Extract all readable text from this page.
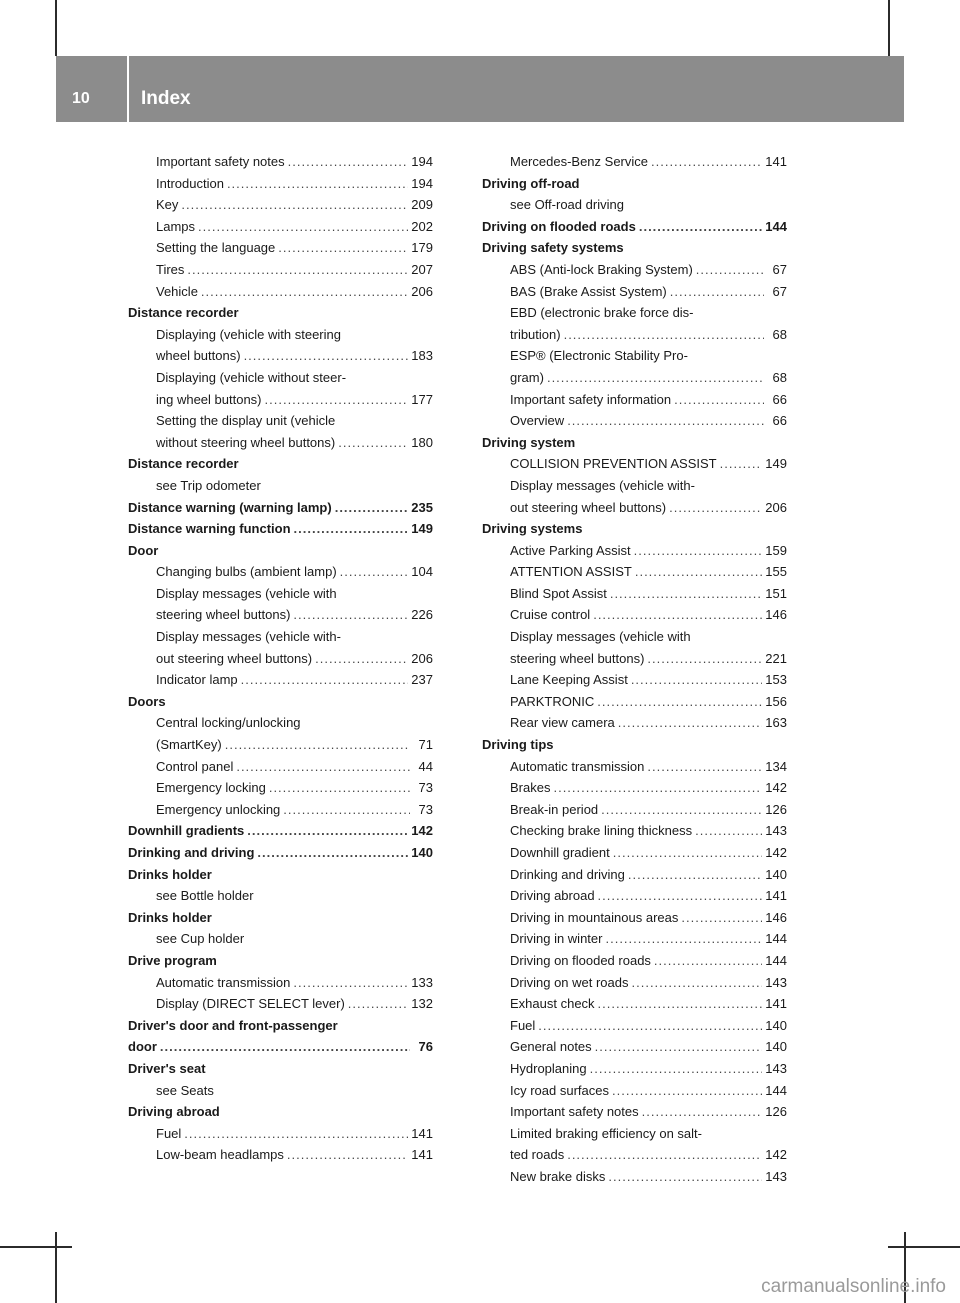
10	Index
Important safety notes .....	194
Introduction .....	194
Key .....	209
Lamps .....	202
Setting the language .....	179
Tires .....	207
Vehicle .....	206
Distance recorder
Displaying (vehicle with steering
wheel buttons) .....	183
Displaying (vehicle without steer-
ing wheel buttons) .....	177
Setting the display unit (vehicle
without steering wheel buttons) .....	180
Distance recorder
see Trip odometer
Distance warning (warning lamp) .....	235
Distance warning function .....	149
Door
Changing bulbs (ambient lamp) .....	104
Display messages (vehicle with
steering wheel buttons) .....	226
Display messages (vehicle with-
out steering wheel buttons) .....	206
Indicator lamp .....	237
Doors
Central locking/unlocking
(SmartKey) .....	71
Control panel .....	44
Emergency locking .....	73
Emergency unlocking .....	73
Downhill gradients .....	142
Drinking and driving .....	140
Drinks holder
see Bottle holder
Drinks holder
see Cup holder
Drive program
Automatic transmission .....	133
Display (DIRECT SELECT lever) .....	132
Driver's door and front-passenger
door .....	76
Driver's seat
see Seats
Driving abroad
Fuel .....	141
Low-beam headlamps .....	141
Mercedes-Benz Service .....	141
Driving off-road
see Off-road driving
Driving on flooded roads .....	144
Driving safety systems
ABS (Anti-lock Braking System) .....	67
BAS (Brake Assist System) .....	67
EBD (electronic brake force dis-
tribution) .....	68
ESP® (Electronic Stability Pro-
gram) .....	68
Important safety information .....	66
Overview .....	66
Driving system
COLLISION PREVENTION ASSIST .....	149
Display messages (vehicle with-
out steering wheel buttons) .....	206
Driving systems
Active Parking Assist .....	159
ATTENTION ASSIST .....	155
Blind Spot Assist .....	151
Cruise control .....	146
Display messages (vehicle with
steering wheel buttons) .....	221
Lane Keeping Assist .....	153
PARKTRONIC .....	156
Rear view camera .....	163
Driving tips
Automatic transmission .....	134
Brakes .....	142
Break-in period .....	126
Checking brake lining thickness .....	143
Downhill gradient .....	142
Drinking and driving .....	140
Driving abroad .....	141
Driving in mountainous areas .....	146
Driving in winter .....	144
Driving on flooded roads .....	144
Driving on wet roads .....	143
Exhaust check .....	141
Fuel .....	140
General notes .....	140
Hydroplaning .....	143
Icy road surfaces .....	144
Important safety notes .....	126
Limited braking efficiency on salt-
ted roads .....	142
New brake disks .....	143
carmanualsonline.info
